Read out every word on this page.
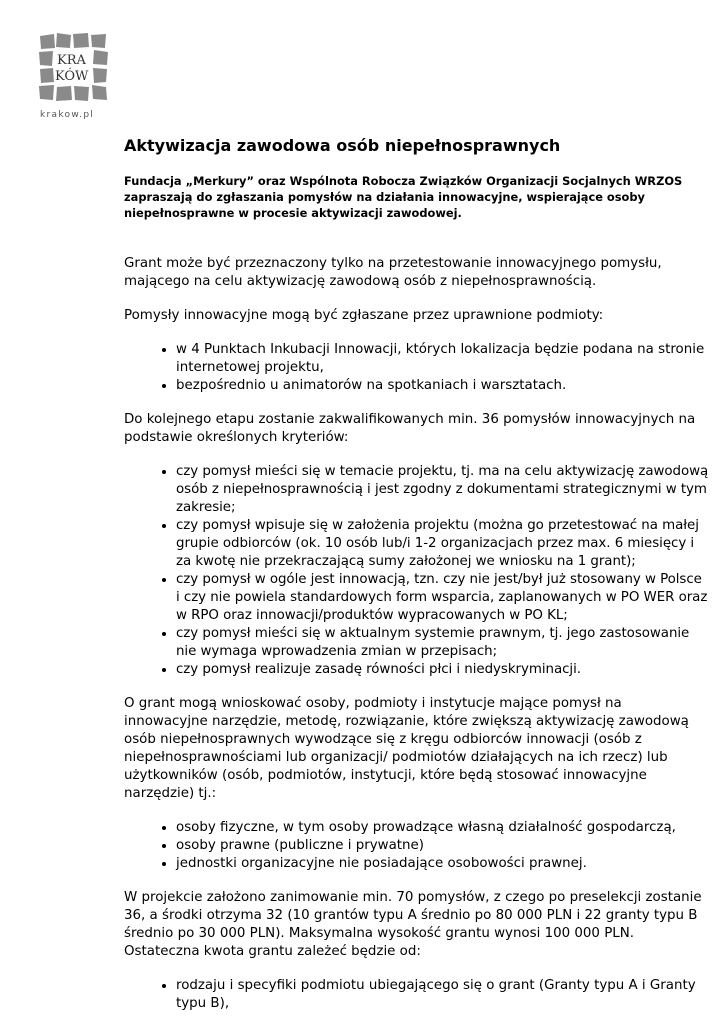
KRA
KÓW
krakow.pl
Aktywizacja zawodowa osób niepełnosprawnych
Fundacja „Merkury” oraz Wspólnota Robocza Związków Organizacji Socjalnych WRZOS zapraszają do zgłaszania pomysłów na działania innowacyjne, wspierające osoby niepełnosprawne w procesie aktywizacji zawodowej.

Grant może być przeznaczony tylko na przetestowanie innowacyjnego pomysłu, mającego na celu aktywizację zawodową osób z niepełnosprawnością.

Pomysły innowacyjne mogą być zgłaszane przez uprawnione podmioty:

• w 4 Punktach Inkubacji Innowacji, których lokalizacja będzie podana na stronie internetowej projektu,
• bezpośrednio u animatorów na spotkaniach i warsztatach.

Do kolejnego etapu zostanie zakwalifikowanych min. 36 pomysłów innowacyjnych na podstawie określonych kryteriów:

• czy pomysł mieści się w temacie projektu, tj. ma na celu aktywizację zawodową osób z niepełnosprawnością i jest zgodny z dokumentami strategicznymi w tym zakresie;
• czy pomysł wpisuje się w założenia projektu (można go przetestować na małej grupie odbiorców (ok. 10 osób lub/i 1-2 organizacjach przez max. 6 miesięcy i za kwotę nie przekraczającą sumy założonej we wniosku na 1 grant);
• czy pomysł w ogóle jest innowacją, tzn. czy nie jest/był już stosowany w Polsce i czy nie powiela standardowych form wsparcia, zaplanowanych w PO WER oraz w RPO oraz innowacji/produktów wypracowanych w PO KL;
• czy pomysł mieści się w aktualnym systemie prawnym, tj. jego zastosowanie nie wymaga wprowadzenia zmian w przepisach;
• czy pomysł realizuje zasadę równości płci i niedyskryminacji.

O grant mogą wnioskować osoby, podmioty i instytucje mające pomysł na innowacyjne narzędzie, metodę, rozwiązanie, które zwiększą aktywizację zawodową osób niepełnosprawnych wywodzące się z kręgu odbiorców innowacji (osób z niepełnosprawnościami lub organizacji/ podmiotów działających na ich rzecz) lub użytkowników (osób, podmiotów, instytucji, które będą stosować innowacyjne narzędzie) tj.:

• osoby fizyczne, w tym osoby prowadzące własną działalność gospodarczą,
• osoby prawne (publiczne i prywatne)
• jednostki organizacyjne nie posiadające osobowości prawnej.

W projekcie założono zanimowanie min. 70 pomysłów, z czego po preselekcji zostanie 36, a środki otrzyma 32 (10 grantów typu A średnio po 80 000 PLN i 22 granty typu B średnio po 30 000 PLN). Maksymalna wysokość grantu wynosi 100 000 PLN. Ostateczna kwota grantu zależeć będzie od:

• rodzaju i specyfiki podmiotu ubiegającego się o grant (Granty typu A i Granty typu B),
